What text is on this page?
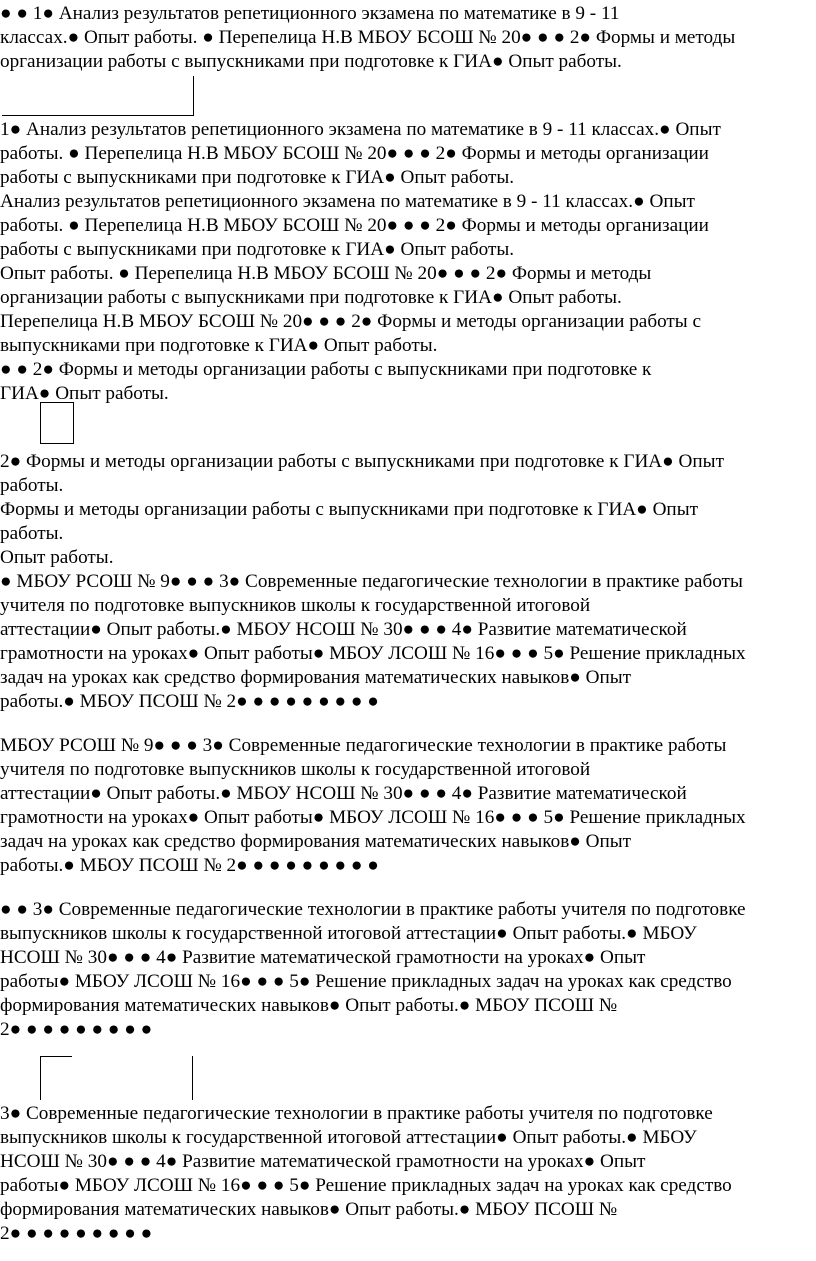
● ● 1● Анализ результатов репетиционного экзамена по математике в 9 - 11

классах.● Опыт работы. ● Перепелица Н.В МБОУ БСОШ № 20● ● ● 2● Формы и методы

организации работы с выпускниками при подготовке к ГИА● Опыт работы.

1● Анализ результатов репетиционного экзамена по математике в 9 - 11 классах.● Опыт

работы. ● Перепелица Н.В МБОУ БСОШ № 20● ● ● 2● Формы и методы организации

работы с выпускниками при подготовке к ГИА● Опыт работы.

Анализ результатов репетиционного экзамена по математике в 9 - 11 классах.● Опыт

работы. ● Перепелица Н.В МБОУ БСОШ № 20● ● ● 2● Формы и методы организации

работы с выпускниками при подготовке к ГИА● Опыт работы.

Опыт работы. ● Перепелица Н.В МБОУ БСОШ № 20● ● ● 2● Формы и методы

организации работы с выпускниками при подготовке к ГИА● Опыт работы.

Перепелица Н.В МБОУ БСОШ № 20● ● ● 2● Формы и методы организации работы с

выпускниками при подготовке к ГИА● Опыт работы.

● ● 2● Формы и методы организации работы с выпускниками при подготовке к

ГИА● Опыт работы.

2● Формы и методы организации работы с выпускниками при подготовке к ГИА● Опыт

работы.

Формы и методы организации работы с выпускниками при подготовке к ГИА● Опыт

работы.

Опыт работы.

● МБОУ РСОШ № 9● ● ● 3● Современные педагогические технологии в практике работы

учителя по подготовке выпускников школы к государственной итоговой

аттестации● Опыт работы.● МБОУ НСОШ № 30● ● ● 4● Развитие математической

грамотности на уроках● Опыт работы● МБОУ ЛСОШ № 16● ● ● 5● Решение прикладных

задач на уроках как средство формирования математических навыков● Опыт

работы.● МБОУ ПСОШ № 2● ● ● ● ● ● ● ● ●

МБОУ РСОШ № 9● ● ● 3● Современные педагогические технологии в практике работы

учителя по подготовке выпускников школы к государственной итоговой

аттестации● Опыт работы.● МБОУ НСОШ № 30● ● ● 4● Развитие математической

грамотности на уроках● Опыт работы● МБОУ ЛСОШ № 16● ● ● 5● Решение прикладных

задач на уроках как средство формирования математических навыков● Опыт

работы.● МБОУ ПСОШ № 2● ● ● ● ● ● ● ● ●

● ● 3● Современные педагогические технологии в практике работы учителя по подготовке

выпускников школы к государственной итоговой аттестации● Опыт работы.● МБОУ

НСОШ № 30● ● ● 4● Развитие математической грамотности на уроках● Опыт

работы● МБОУ ЛСОШ № 16● ● ● 5● Решение прикладных задач на уроках как средство

формирования математических навыков● Опыт работы.● МБОУ ПСОШ №

2● ● ● ● ● ● ● ● ●

3● Современные педагогические технологии в практике работы учителя по подготовке

выпускников школы к государственной итоговой аттестации● Опыт работы.● МБОУ

НСОШ № 30● ● ● 4● Развитие математической грамотности на уроках● Опыт

работы● МБОУ ЛСОШ № 16● ● ● 5● Решение прикладных задач на уроках как средство

формирования математических навыков● Опыт работы.● МБОУ ПСОШ №

2● ● ● ● ● ● ● ● ●
